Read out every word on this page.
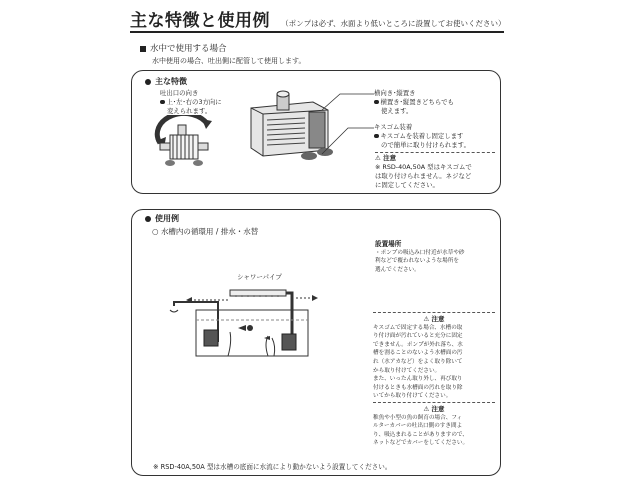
主な特徴と使用例 （ポンプは必ず、水面より低いところに設置してお使いください）
水中で使用する場合
水中使用の場合、吐出側に配管して使用します。
主な特徴
吐出口の向き
上･左･右の3方向に
変えられます。
横向き･縦置き
横置き･縦置きどちらでも
使えます。
キスゴム装着
キスゴムを装着し固定します
ので簡単に取り付けられます。
⚠ 注意
※ RSD-40A,50A 型はキスゴムで
は取り付けられません。ネジなど
に固定してください。
使用例
○ 水槽内の循環用 / 排水・水替
シャワーパイプ
設置場所
・ポンプの吸込み口付近が水草や砂
利などで覆われないような場所を
選んでください。
⚠ 注意
キスゴムで固定する場合、水槽の取
り付け面が汚れていると充分に固定
できません。ポンプが外れ落ち、水
槽を割ることのないよう水槽面の汚
れ（水アカなど）をよく取り除いて
から取り付けてください。
また、いったん取り外し、再び取り
付けるときも水槽面の汚れを取り除
いてから取り付けてください。
⚠ 注意
稚魚や小型の魚の飼育の場合、フィ
ルターカバーの吐出口側のすき間よ
り、吸込まれることがありますので、
ネットなどでカバーをしてください。
※ RSD-40A,50A 型は水槽の底面に水流により動かないよう設置してください。
